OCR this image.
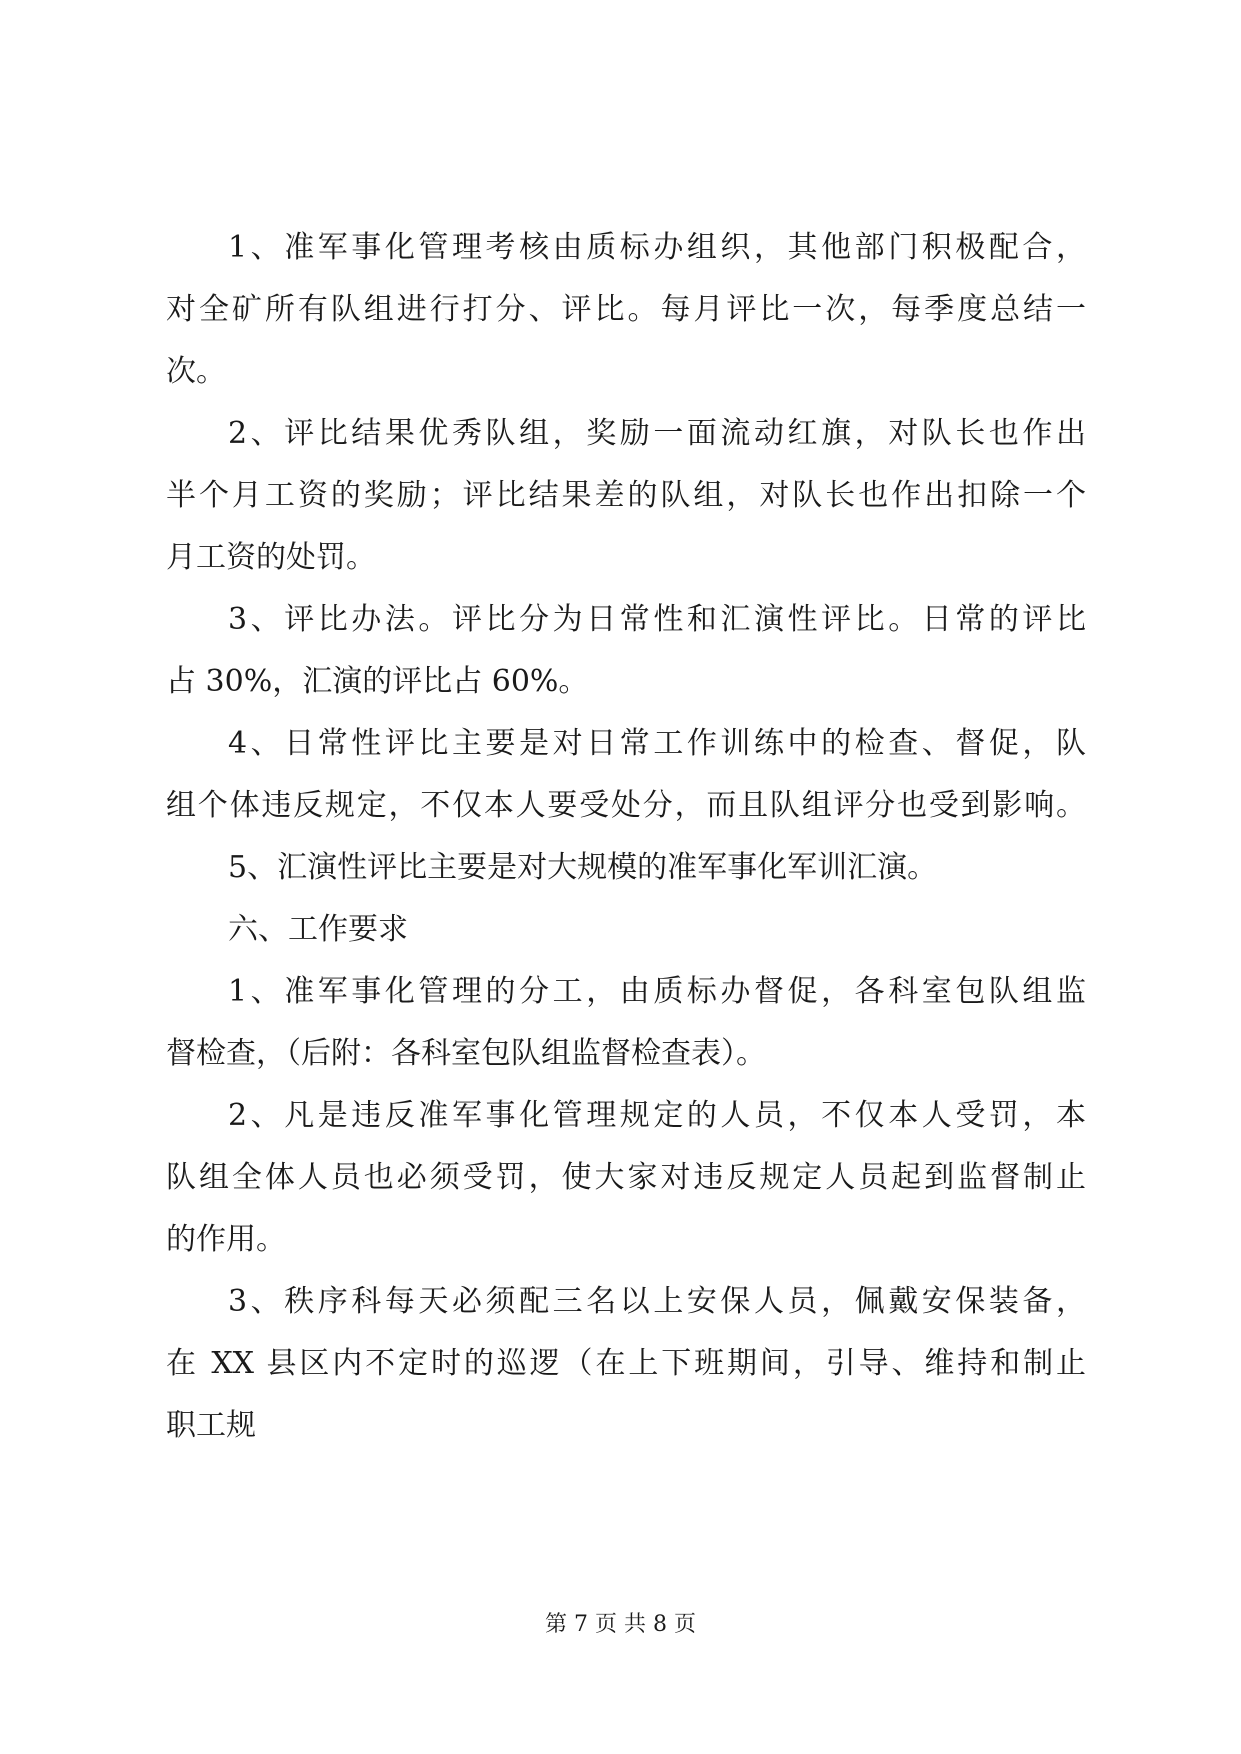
1、准军事化管理考核由质标办组织，其他部门积极配合，
对全矿所有队组进行打分、评比。每月评比一次，每季度总结一
次。
2、评比结果优秀队组，奖励一面流动红旗，对队长也作出
半个月工资的奖励；评比结果差的队组，对队长也作出扣除一个
月工资的处罚。
3、评比办法。评比分为日常性和汇演性评比。日常的评比
占 30%，汇演的评比占 60%。
4、日常性评比主要是对日常工作训练中的检查、督促，队
组个体违反规定，不仅本人要受处分，而且队组评分也受到影响。
5、汇演性评比主要是对大规模的准军事化军训汇演。
六、工作要求
1、准军事化管理的分工，由质标办督促，各科室包队组监
督检查，（后附：各科室包队组监督检查表）。
2、凡是违反准军事化管理规定的人员，不仅本人受罚，本
队组全体人员也必须受罚，使大家对违反规定人员起到监督制止
的作用。
3、秩序科每天必须配三名以上安保人员，佩戴安保装备，
在 XX 县区内不定时的巡逻（在上下班期间，引导、维持和制止
职工规
第 7 页 共 8 页
